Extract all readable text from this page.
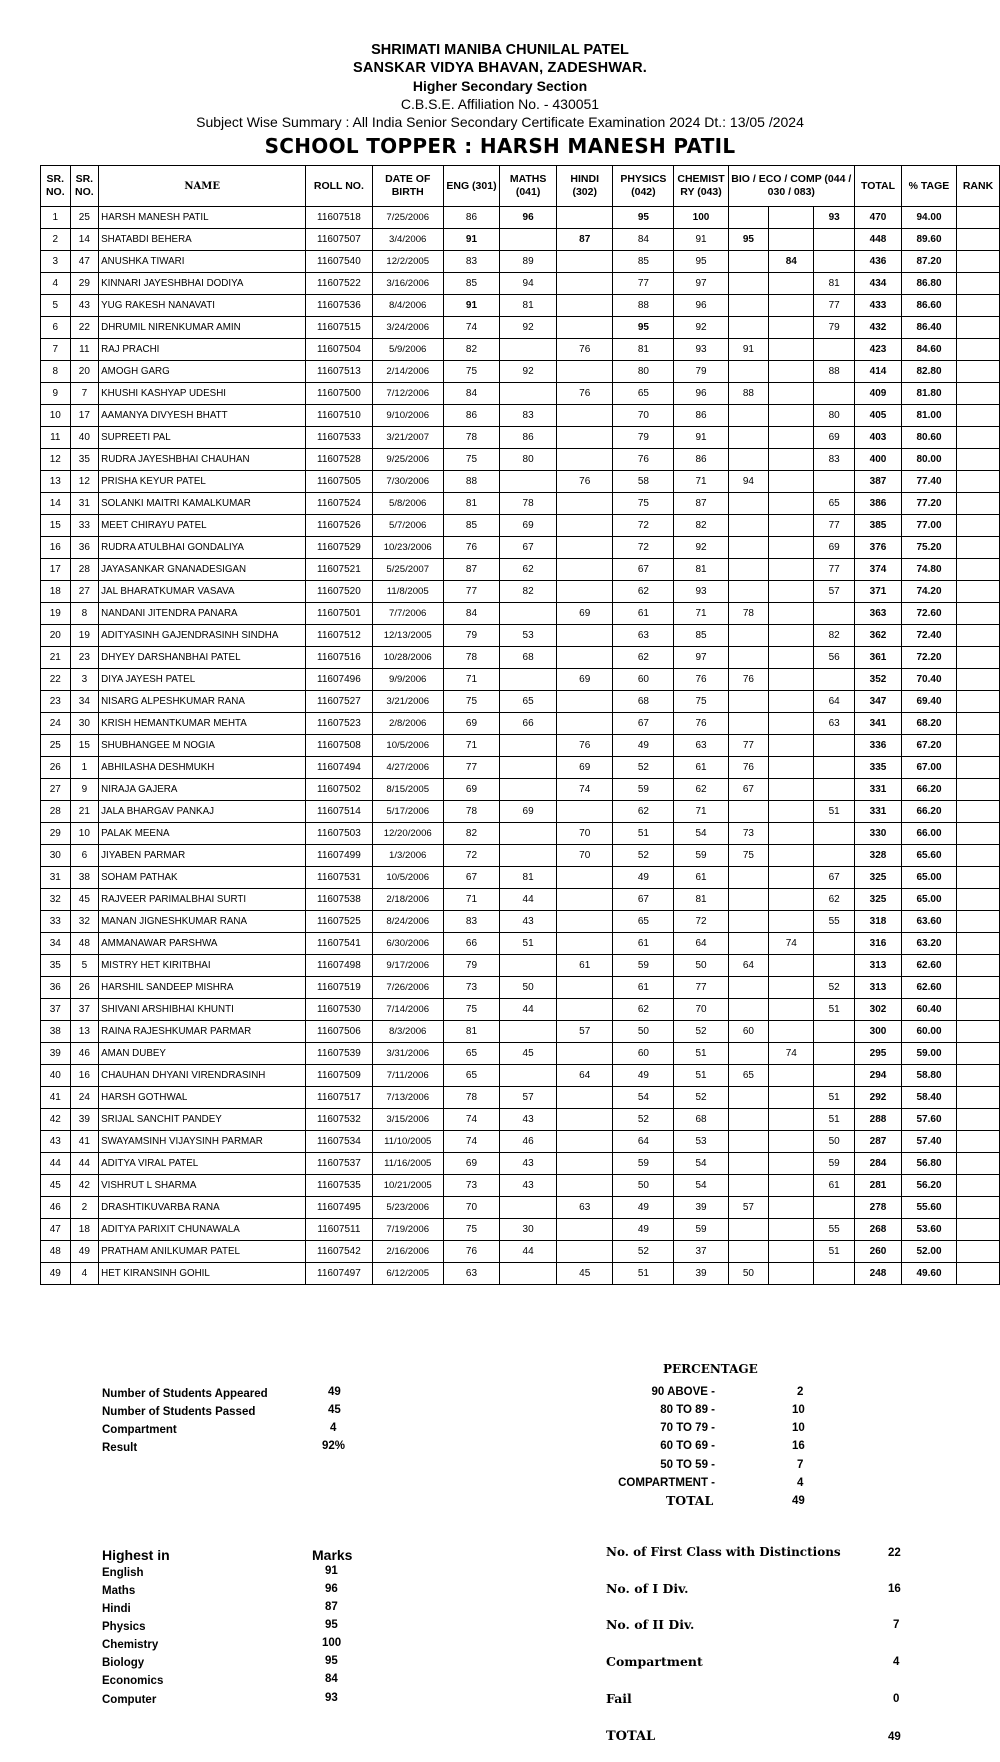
SHRIMATI MANIBA CHUNILAL PATEL
SANSKAR VIDYA BHAVAN, ZADESHWAR.
Higher Secondary Section
C.B.S.E. Affiliation No. - 430051
Subject Wise Summary : All India Senior Secondary Certificate Examination 2024 Dt.: 13/05 /2024
SCHOOL TOPPER : HARSH MANESH PATIL
SR. NO.	SR. NO.	NAME	ROLL NO.	DATE OF BIRTH	ENG (301)	MATHS (041)	HINDI (302)	PHYSICS (042)	CHEMIST RY (043)	BIO / ECO / COMP (044 / 030 / 083)			TOTAL	% TAGE	RANK
1	25	HARSH MANESH PATIL	11607518	7/25/2006	86	96		95	100			93	470	94.00	
2	14	SHATABDI BEHERA	11607507	3/4/2006	91		87	84	91	95			448	89.60	
3	47	ANUSHKA TIWARI	11607540	12/2/2005	83	89		85	95		84		436	87.20	
4	29	KINNARI JAYESHBHAI DODIYA	11607522	3/16/2006	85	94		77	97			81	434	86.80	
5	43	YUG RAKESH NANAVATI	11607536	8/4/2006	91	81		88	96			77	433	86.60	
6	22	DHRUMIL NIRENKUMAR AMIN	11607515	3/24/2006	74	92		95	92			79	432	86.40	
7	11	RAJ PRACHI	11607504	5/9/2006	82		76	81	93	91			423	84.60	
8	20	AMOGH GARG	11607513	2/14/2006	75	92		80	79			88	414	82.80	
9	7	KHUSHI KASHYAP UDESHI	11607500	7/12/2006	84		76	65	96	88			409	81.80	
10	17	AAMANYA DIVYESH BHATT	11607510	9/10/2006	86	83		70	86			80	405	81.00	
11	40	SUPREETI PAL	11607533	3/21/2007	78	86		79	91			69	403	80.60	
12	35	RUDRA JAYESHBHAI CHAUHAN	11607528	9/25/2006	75	80		76	86			83	400	80.00	
13	12	PRISHA KEYUR PATEL	11607505	7/30/2006	88		76	58	71	94			387	77.40	
14	31	SOLANKI MAITRI KAMALKUMAR	11607524	5/8/2006	81	78		75	87			65	386	77.20	
15	33	MEET CHIRAYU PATEL	11607526	5/7/2006	85	69		72	82			77	385	77.00	
16	36	RUDRA ATULBHAI GONDALIYA	11607529	10/23/2006	76	67		72	92			69	376	75.20	
17	28	JAYASANKAR GNANADESIGAN	11607521	5/25/2007	87	62		67	81			77	374	74.80	
18	27	JAL BHARATKUMAR VASAVA	11607520	11/8/2005	77	82		62	93			57	371	74.20	
19	8	NANDANI JITENDRA PANARA	11607501	7/7/2006	84		69	61	71	78			363	72.60	
20	19	ADITYASINH GAJENDRASINH SINDHA	11607512	12/13/2005	79	53		63	85			82	362	72.40	
21	23	DHYEY DARSHANBHAI PATEL	11607516	10/28/2006	78	68		62	97			56	361	72.20	
22	3	DIYA JAYESH PATEL	11607496	9/9/2006	71		69	60	76	76			352	70.40	
23	34	NISARG ALPESHKUMAR RANA	11607527	3/21/2006	75	65		68	75			64	347	69.40	
24	30	KRISH HEMANTKUMAR MEHTA	11607523	2/8/2006	69	66		67	76			63	341	68.20	
25	15	SHUBHANGEE M NOGIA	11607508	10/5/2006	71		76	49	63	77			336	67.20	
26	1	ABHILASHA DESHMUKH	11607494	4/27/2006	77		69	52	61	76			335	67.00	
27	9	NIRAJA GAJERA	11607502	8/15/2005	69		74	59	62	67			331	66.20	
28	21	JALA BHARGAV PANKAJ	11607514	5/17/2006	78	69		62	71			51	331	66.20	
29	10	PALAK MEENA	11607503	12/20/2006	82		70	51	54	73			330	66.00	
30	6	JIYABEN PARMAR	11607499	1/3/2006	72		70	52	59	75			328	65.60	
31	38	SOHAM PATHAK	11607531	10/5/2006	67	81		49	61			67	325	65.00	
32	45	RAJVEER PARIMALBHAI SURTI	11607538	2/18/2006	71	44		67	81			62	325	65.00	
33	32	MANAN JIGNESHKUMAR RANA	11607525	8/24/2006	83	43		65	72			55	318	63.60	
34	48	AMMANAWAR PARSHWA	11607541	6/30/2006	66	51		61	64		74		316	63.20	
35	5	MISTRY HET KIRITBHAI	11607498	9/17/2006	79		61	59	50	64			313	62.60	
36	26	HARSHIL SANDEEP MISHRA	11607519	7/26/2006	73	50		61	77			52	313	62.60	
37	37	SHIVANI ARSHIBHAI KHUNTI	11607530	7/14/2006	75	44		62	70			51	302	60.40	
38	13	RAINA RAJESHKUMAR PARMAR	11607506	8/3/2006	81		57	50	52	60			300	60.00	
39	46	AMAN DUBEY	11607539	3/31/2006	65	45		60	51		74		295	59.00	
40	16	CHAUHAN DHYANI VIRENDRASINH	11607509	7/11/2006	65		64	49	51	65			294	58.80	
41	24	HARSH GOTHWAL	11607517	7/13/2006	78	57		54	52			51	292	58.40	
42	39	SRIJAL SANCHIT PANDEY	11607532	3/15/2006	74	43		52	68			51	288	57.60	
43	41	SWAYAMSINH VIJAYSINH PARMAR	11607534	11/10/2005	74	46		64	53			50	287	57.40	
44	44	ADITYA VIRAL PATEL	11607537	11/16/2005	69	43		59	54			59	284	56.80	
45	42	VISHRUT L SHARMA	11607535	10/21/2005	73	43		50	54			61	281	56.20	
46	2	DRASHTIKUVARBA RANA	11607495	5/23/2006	70		63	49	39	57			278	55.60	
47	18	ADITYA PARIXIT CHUNAWALA	11607511	7/19/2006	75	30		49	59			55	268	53.60	
48	49	PRATHAM ANILKUMAR PATEL	11607542	2/16/2006	76	44		52	37			51	260	52.00	
49	4	HET KIRANSINH GOHIL	11607497	6/12/2005	63		45	51	39	50			248	49.60	
Number of Students Appeared	49
Number of Students Passed	45
Compartment	4
Result	92%
PERCENTAGE
90 ABOVE -	2
80 TO 89 -	10
70 TO 79 -	10
60 TO 69 -	16
50 TO 59 -	7
COMPARTMENT -	4
TOTAL	49
Highest in	Marks
English	91
Maths	96
Hindi	87
Physics	95
Chemistry	100
Biology	95
Economics	84
Computer	93
No. of First Class with Distinctions	22
No. of I Div.	16
No. of II Div.	7
Compartment	4
Fail	0
TOTAL	49
